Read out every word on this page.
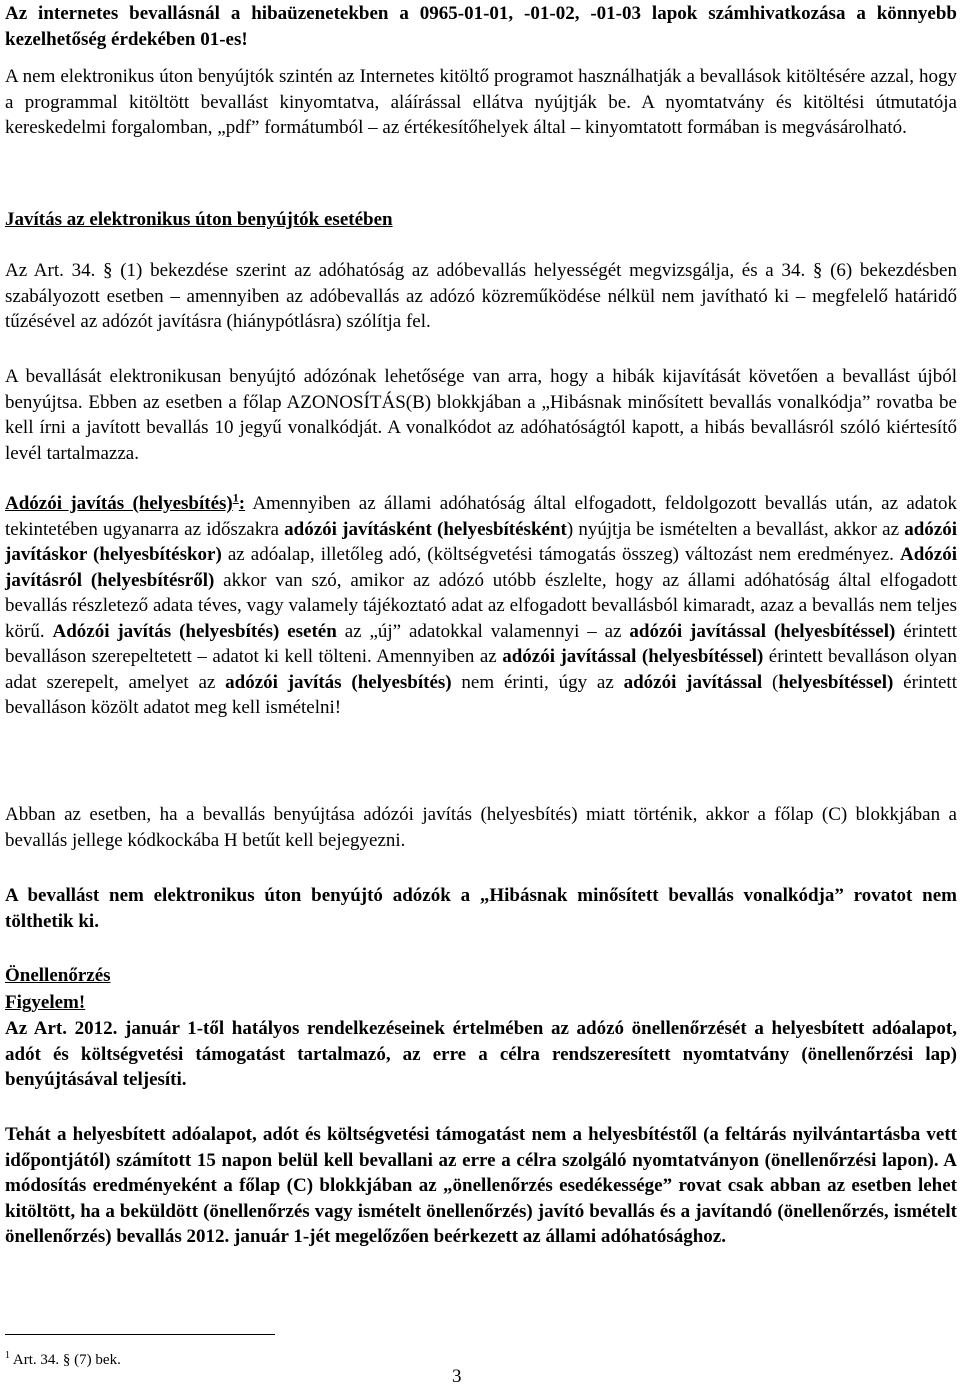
Az internetes bevallásnál a hibaüzenetekben a 0965-01-01, -01-02, -01-03 lapok számhivatkozása a könnyebb kezelhetőség érdekében 01-es!

A nem elektronikus úton benyújtók szintén az Internetes kitöltő programot használhatják a bevallások kitöltésére azzal, hogy a programmal kitöltött bevallást kinyomtatva, aláírással ellátva nyújtják be. A nyomtatvány és kitöltési útmutatója kereskedelmi forgalomban, „pdf” formátumból – az értékesítőhelyek által – kinyomtatott formában is megvásárolható.

Javítás az elektronikus úton benyújtók esetében

Az Art. 34. § (1) bekezdése szerint az adóhatóság az adóbevallás helyességét megvizsgálja, és a 34. § (6) bekezdésben szabályozott esetben – amennyiben az adóbevallás az adózó közreműködése nélkül nem javítható ki – megfelelő határidő tűzésével az adózót javításra (hiánypótlásra) szólítja fel.

A bevallását elektronikusan benyújtó adózónak lehetősége van arra, hogy a hibák kijavítását követően a bevallást újból benyújtsa. Ebben az esetben a főlap AZONOSÍTÁS(B) blokkjában a „Hibásnak minősített bevallás vonalkódja” rovatba be kell írni a javított bevallás 10 jegyű vonalkódját. A vonalkódot az adóhatóságtól kapott, a hibás bevallásról szóló kiértesítő levél tartalmazza.

Adózói javítás (helyesbítés)$^1$: Amennyiben az állami adóhatóság által elfogadott, feldolgozott bevallás után, az adatok tekintetében ugyanarra az időszakra adózói javításként (helyesbítésként) nyújtja be ismételten a bevallást, akkor az adózói javításkor (helyesbítéskor) az adóalap, illetőleg adó, (költségvetési támogatás összeg) változást nem eredményez. Adózói javításról (helyesbítésről) akkor van szó, amikor az adózó utóbb észlelte, hogy az állami adóhatóság által elfogadott bevallás részletező adata téves, vagy valamely tájékoztató adat az elfogadott bevallásból kimaradt, azaz a bevallás nem teljes körű. Adózói javítás (helyesbítés) esetén az „új” adatokkal valamennyi – az adózói javítással (helyesbítéssel) érintett bevalláson szerepeltetett – adatot ki kell tölteni. Amennyiben az adózói javítással (helyesbítéssel) érintett bevalláson olyan adat szerepelt, amelyet az adózói javítás (helyesbítés) nem érinti, úgy az adózói javítással (helyesbítéssel) érintett bevalláson közölt adatot meg kell ismételni!

Abban az esetben, ha a bevallás benyújtása adózói javítás (helyesbítés) miatt történik, akkor a főlap (C) blokkjában a bevallás jellege kódkockába H betűt kell bejegyezni.

A bevallást nem elektronikus úton benyújtó adózók a „Hibásnak minősített bevallás vonalkódja” rovatot nem tölthetik ki.

Önellenőrzés

Figyelem!

Az Art. 2012. január 1-től hatályos rendelkezéseinek értelmében az adózó önellenőrzését a helyesbített adóalapot, adót és költségvetési támogatást tartalmazó, az erre a célra rendszeresített nyomtatvány (önellenőrzési lap) benyújtásával teljesíti.

Tehát a helyesbített adóalapot, adót és költségvetési támogatást nem a helyesbítéstől (a feltárás nyilvántartásba vett időpontjától) számított 15 napon belül kell bevallani az erre a célra szolgáló nyomtatványon (önellenőrzési lapon). A módosítás eredményeként a főlap (C) blokkjában az „önellenőrzés esedékessége” rovat csak abban az esetben lehet kitöltött, ha a beküldött (önellenőrzés vagy ismételt önellenőrzés) javító bevallás és a javítandó (önellenőrzés, ismételt önellenőrzés) bevallás 2012. január 1-jét megelőzően beérkezett az állami adóhatósághoz.

$^1$ Art. 34. § (7) bek.

3
